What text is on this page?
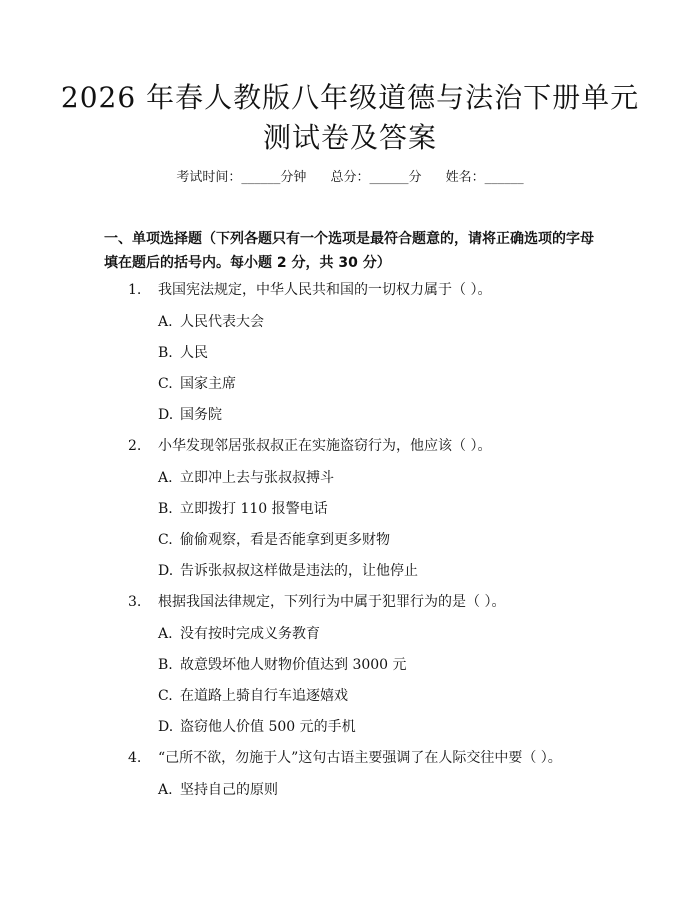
2026 年春人教版八年级道德与法治下册单元
测试卷及答案
考试时间：______分钟 总分：______分 姓名：______
一、单项选择题（下列各题只有一个选项是最符合题意的，请将正确选项的字母
填在题后的括号内。每小题 2 分，共 30 分）
1. 我国宪法规定，中华人民共和国的一切权力属于（ ）。
A. 人民代表大会
B. 人民
C. 国家主席
D. 国务院
2. 小华发现邻居张叔叔正在实施盗窃行为，他应该（ ）。
A. 立即冲上去与张叔叔搏斗
B. 立即拨打 110 报警电话
C. 偷偷观察，看是否能拿到更多财物
D. 告诉张叔叔这样做是违法的，让他停止
3. 根据我国法律规定，下列行为中属于犯罪行为的是（ ）。
A. 没有按时完成义务教育
B. 故意毁坏他人财物价值达到 3000 元
C. 在道路上骑自行车追逐嬉戏
D. 盗窃他人价值 500 元的手机
4. “己所不欲，勿施于人”这句古语主要强调了在人际交往中要（ ）。
A. 坚持自己的原则
